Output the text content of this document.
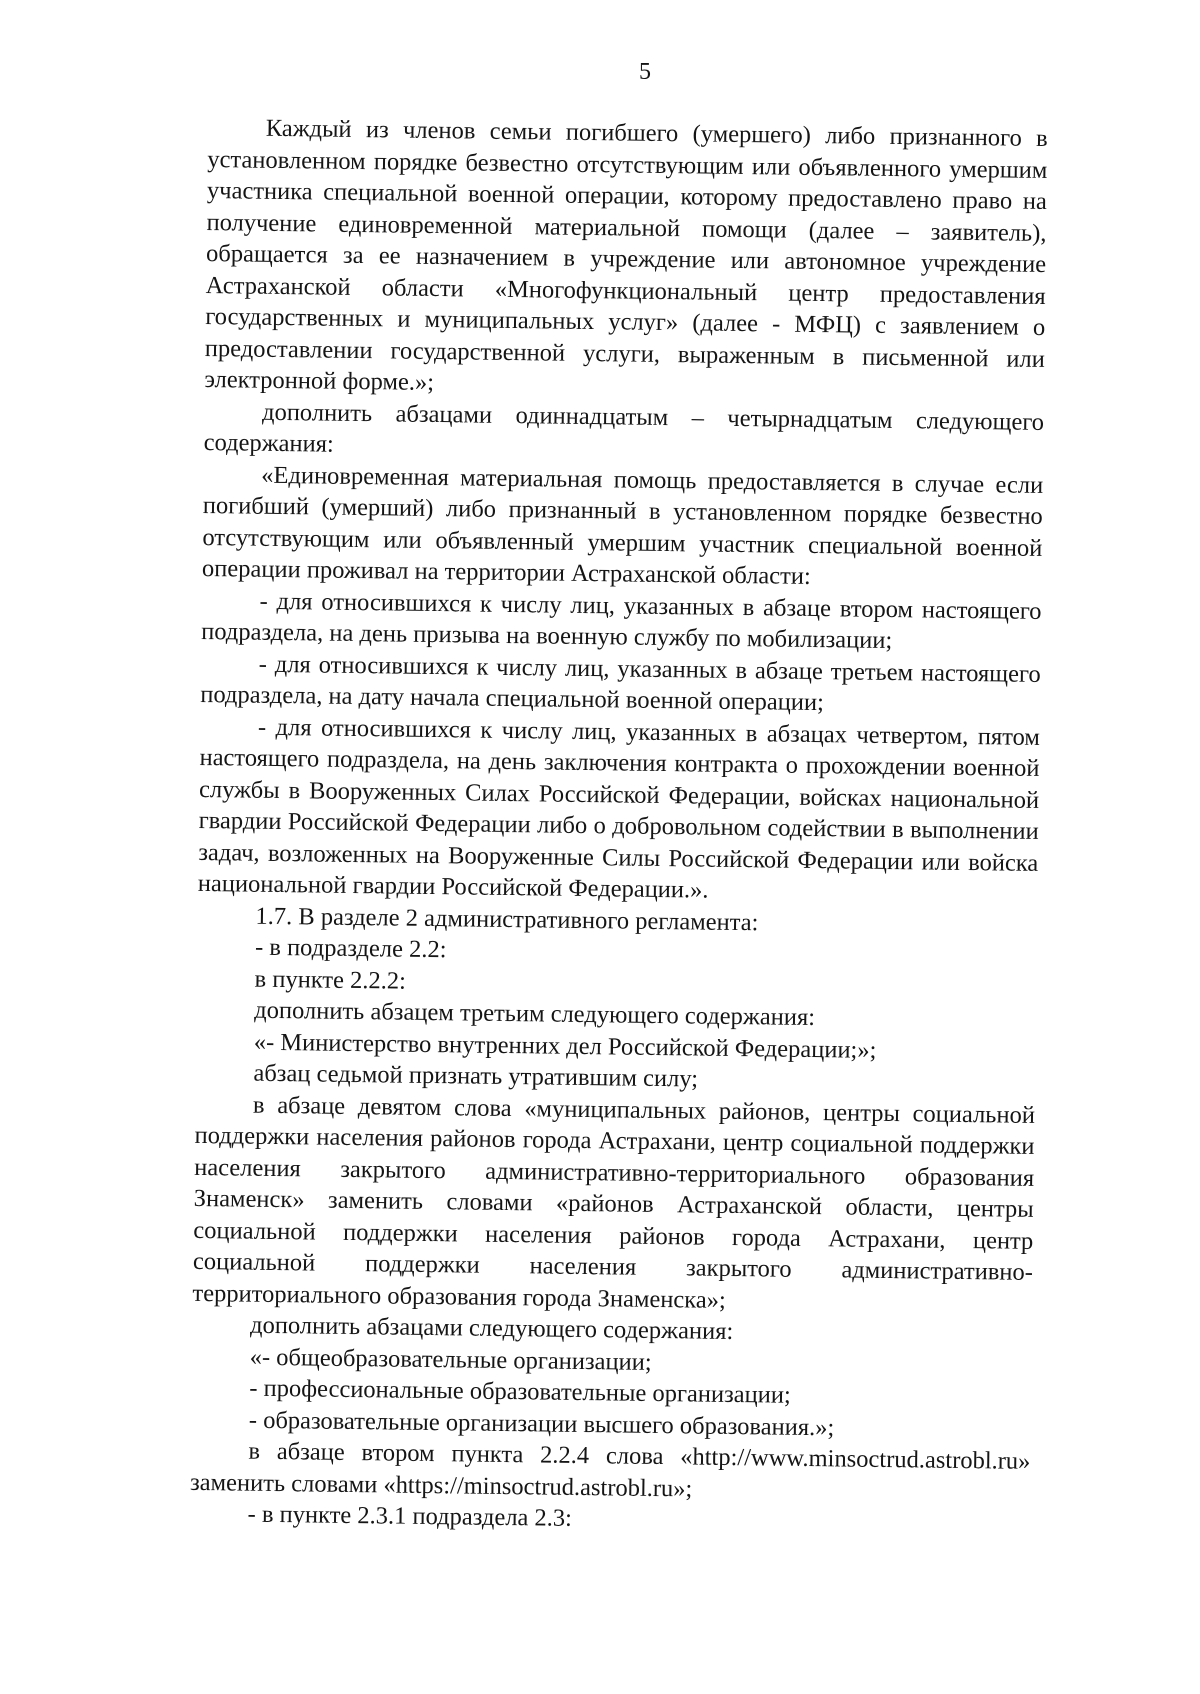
5

Каждый из членов семьи погибшего (умершего) либо признанного в установленном порядке безвестно отсутствующим или объявленного умершим участника специальной военной операции, которому предоставлено право на получение единовременной материальной помощи (далее – заявитель), обращается за ее назначением в учреждение или автономное учреждение Астраханской области «Многофункциональный центр предоставления государственных и муниципальных услуг» (далее - МФЦ) с заявлением о предоставлении государственной услуги, выраженным в письменной или электронной форме.»;

дополнить абзацами одиннадцатым – четырнадцатым следующего содержания:

«Единовременная материальная помощь предоставляется в случае если погибший (умерший) либо признанный в установленном порядке безвестно отсутствующим или объявленный умершим участник специальной военной операции проживал на территории Астраханской области:

- для относившихся к числу лиц, указанных в абзаце втором настоящего подраздела, на день призыва на военную службу по мобилизации;

- для относившихся к числу лиц, указанных в абзаце третьем настоящего подраздела, на дату начала специальной военной операции;

- для относившихся к числу лиц, указанных в абзацах четвертом, пятом настоящего подраздела, на день заключения контракта о прохождении военной службы в Вооруженных Силах Российской Федерации, войсках национальной гвардии Российской Федерации либо о добровольном содействии в выполнении задач, возложенных на Вооруженные Силы Российской Федерации или войска национальной гвардии Российской Федерации.».

1.7. В разделе 2 административного регламента:

- в подразделе 2.2:

в пункте 2.2.2:

дополнить абзацем третьим следующего содержания:

«- Министерство внутренних дел Российской Федерации;»;

абзац седьмой признать утратившим силу;

в абзаце девятом слова «муниципальных районов, центры социальной поддержки населения районов города Астрахани, центр социальной поддержки населения закрытого административно-территориального образования Знаменск» заменить словами «районов Астраханской области, центры социальной поддержки населения районов города Астрахани, центр социальной поддержки населения закрытого административно-территориального образования города Знаменска»;

дополнить абзацами следующего содержания:

«- общеобразовательные организации;

- профессиональные образовательные организации;

- образовательные организации высшего образования.»;

в абзаце втором пункта 2.2.4 слова «http://www.minsoctrud.astrobl.ru» заменить словами «https://minsoctrud.astrobl.ru»;

- в пункте 2.3.1 подраздела 2.3:
